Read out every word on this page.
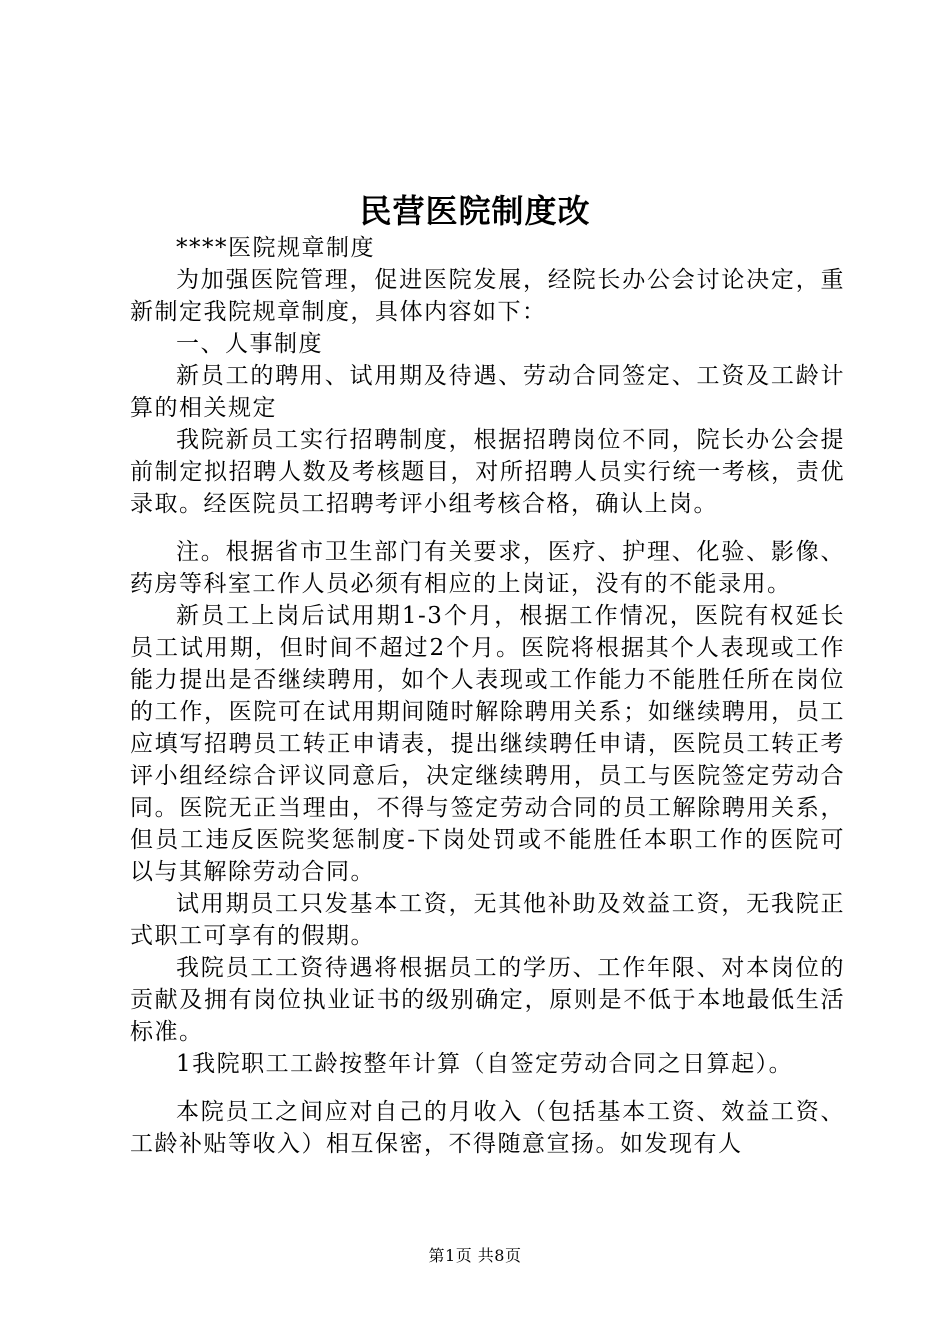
民营医院制度改

****医院规章制度

为加强医院管理，促进医院发展，经院长办公会讨论决定，重新制定我院规章制度，具体内容如下：

一、人事制度

新员工的聘用、试用期及待遇、劳动合同签定、工资及工龄计算的相关规定

我院新员工实行招聘制度，根据招聘岗位不同，院长办公会提前制定拟招聘人数及考核题目，对所招聘人员实行统一考核，责优录取。经医院员工招聘考评小组考核合格，确认上岗。

注。根据省市卫生部门有关要求，医疗、护理、化验、影像、药房等科室工作人员必须有相应的上岗证，没有的不能录用。

新员工上岗后试用期1-3个月，根据工作情况，医院有权延长员工试用期，但时间不超过2个月。医院将根据其个人表现或工作能力提出是否继续聘用，如个人表现或工作能力不能胜任所在岗位的工作，医院可在试用期间随时解除聘用关系；如继续聘用，员工应填写招聘员工转正申请表，提出继续聘任申请，医院员工转正考评小组经综合评议同意后，决定继续聘用，员工与医院签定劳动合同。医院无正当理由，不得与签定劳动合同的员工解除聘用关系，但员工违反医院奖惩制度-下岗处罚或不能胜任本职工作的医院可以与其解除劳动合同。

试用期员工只发基本工资，无其他补助及效益工资，无我院正式职工可享有的假期。

我院员工工资待遇将根据员工的学历、工作年限、对本岗位的贡献及拥有岗位执业证书的级别确定，原则是不低于本地最低生活标准。

1我院职工工龄按整年计算（自签定劳动合同之日算起）。

本院员工之间应对自己的月收入（包括基本工资、效益工资、工龄补贴等收入）相互保密，不得随意宣扬。如发现有人

第1页 共8页
